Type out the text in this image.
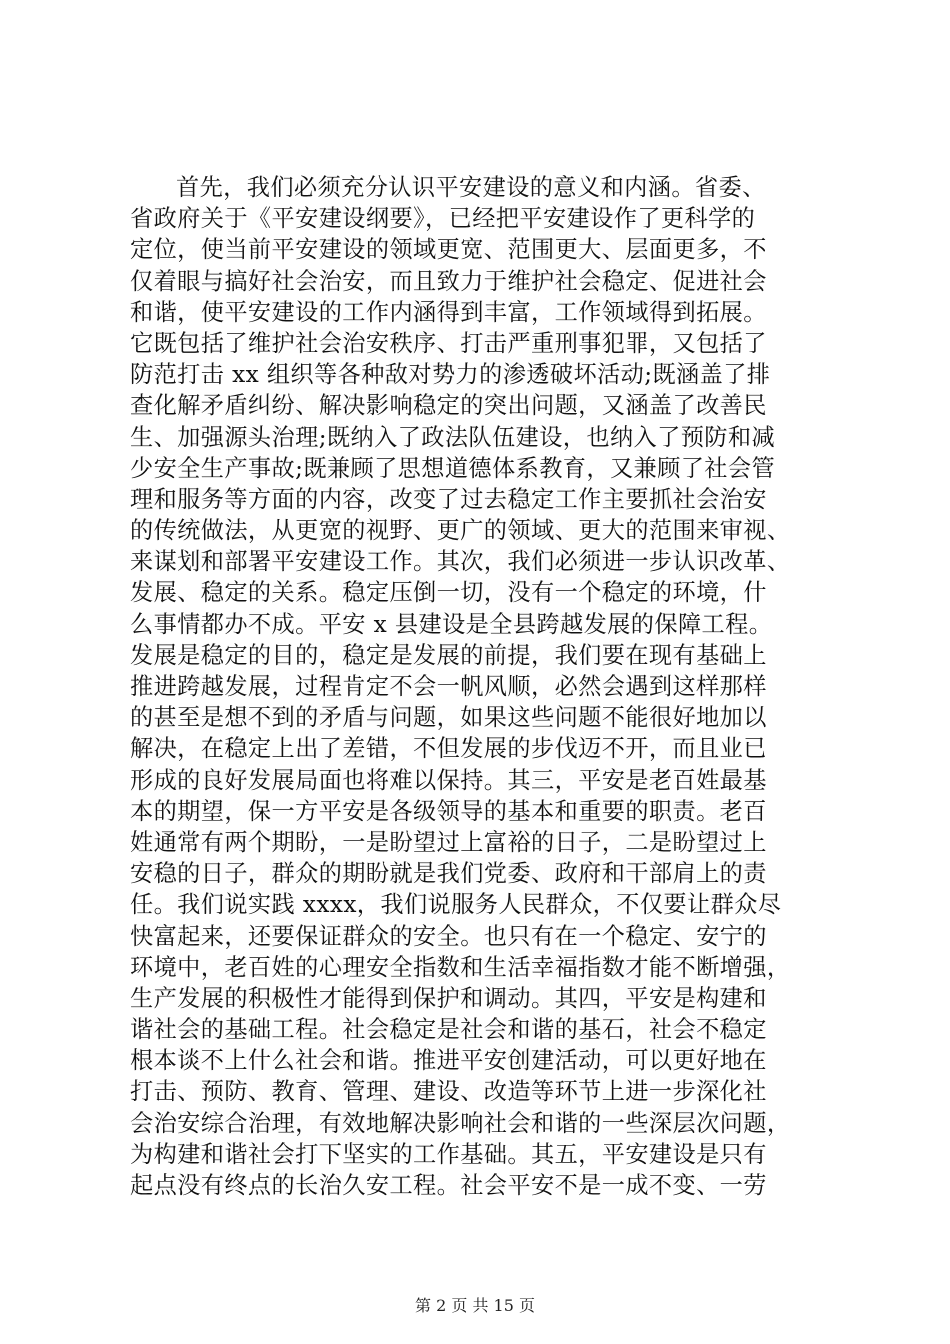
首先，我们必须充分认识平安建设的意义和内涵。省委、
省政府关于《平安建设纲要》，已经把平安建设作了更科学的
定位，使当前平安建设的领域更宽、范围更大、层面更多，不
仅着眼与搞好社会治安，而且致力于维护社会稳定、促进社会
和谐，使平安建设的工作内涵得到丰富，工作领域得到拓展。
它既包括了维护社会治安秩序、打击严重刑事犯罪，又包括了
防范打击 xx 组织等各种敌对势力的渗透破坏活动;既涵盖了排
查化解矛盾纠纷、解决影响稳定的突出问题，又涵盖了改善民
生、加强源头治理;既纳入了政法队伍建设，也纳入了预防和减
少安全生产事故;既兼顾了思想道德体系教育，又兼顾了社会管
理和服务等方面的内容，改变了过去稳定工作主要抓社会治安
的传统做法，从更宽的视野、更广的领域、更大的范围来审视、
来谋划和部署平安建设工作。其次，我们必须进一步认识改革、
发展、稳定的关系。稳定压倒一切，没有一个稳定的环境，什
么事情都办不成。平安 x 县建设是全县跨越发展的保障工程。
发展是稳定的目的，稳定是发展的前提，我们要在现有基础上
推进跨越发展，过程肯定不会一帆风顺，必然会遇到这样那样
的甚至是想不到的矛盾与问题，如果这些问题不能很好地加以
解决，在稳定上出了差错，不但发展的步伐迈不开，而且业已
形成的良好发展局面也将难以保持。其三，平安是老百姓最基
本的期望，保一方平安是各级领导的基本和重要的职责。老百
姓通常有两个期盼，一是盼望过上富裕的日子，二是盼望过上
安稳的日子，群众的期盼就是我们党委、政府和干部肩上的责
任。我们说实践 xxxx，我们说服务人民群众，不仅要让群众尽
快富起来，还要保证群众的安全。也只有在一个稳定、安宁的
环境中，老百姓的心理安全指数和生活幸福指数才能不断增强，
生产发展的积极性才能得到保护和调动。其四，平安是构建和
谐社会的基础工程。社会稳定是社会和谐的基石，社会不稳定
根本谈不上什么社会和谐。推进平安创建活动，可以更好地在
打击、预防、教育、管理、建设、改造等环节上进一步深化社
会治安综合治理，有效地解决影响社会和谐的一些深层次问题，
为构建和谐社会打下坚实的工作基础。其五，平安建设是只有
起点没有终点的长治久安工程。社会平安不是一成不变、一劳
第 2 页 共 15 页
